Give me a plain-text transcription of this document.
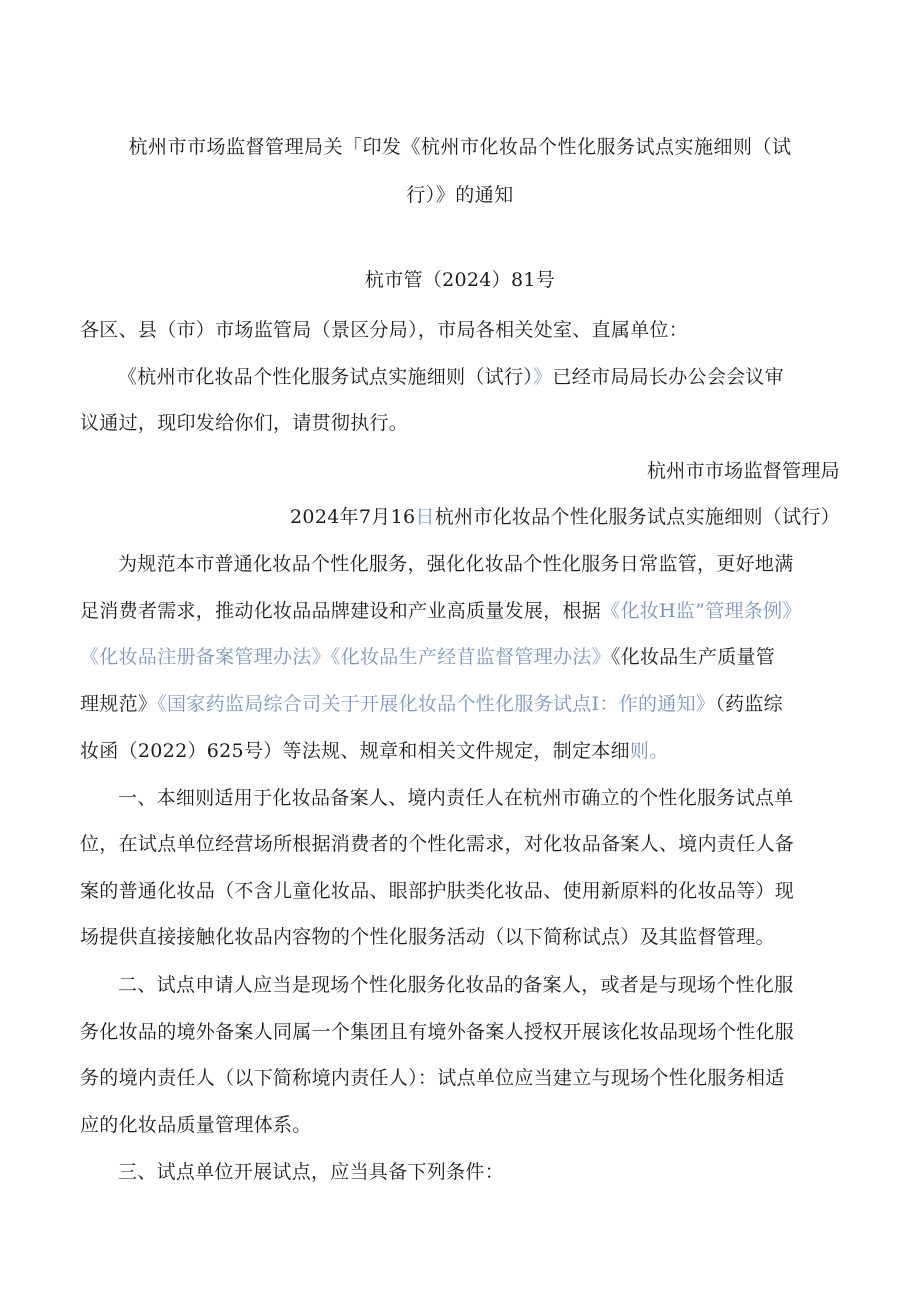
杭州市市场监督管理局关「印发《杭州市化妆品个性化服务试点实施细则（试
行）》的通知
杭市管（2024）81号
各区、县（市）市场监管局（景区分局），市局各相关处室、直属单位：
《杭州市化妆品个性化服务试点实施细则（试行）》已经市局局长办公会会议审
议通过，现印发给你们，请贯彻执行。
杭州市市场监督管理局
2024年7月16日杭州市化妆品个性化服务试点实施细则（试行）
为规范本市普通化妆品个性化服务，强化化妆品个性化服务日常监管，更好地满
足消费者需求，推动化妆品品牌建设和产业高质量发展，根据《化妆H监”管理条例》
《化妆品注册备案管理办法》《化妆品生产经苜监督管理办法》《化妆品生产质量管
理规范》《国家药监局综合司关于开展化妆品个性化服务试点I：作的通知》（药监综
妆函（2022）625号）等法规、规章和相关文件规定，制定本细则。
一、本细则适用于化妆品备案人、境内责任人在杭州市确立的个性化服务试点单
位，在试点单位经营场所根据消费者的个性化需求，对化妆品备案人、境内责任人备
案的普通化妆品（不含儿童化妆品、眼部护肤类化妆品、使用新原料的化妆品等）现
场提供直接接触化妆品内容物的个性化服务活动（以下简称试点）及其监督管理。
二、试点申请人应当是现场个性化服务化妆品的备案人，或者是与现场个性化服
务化妆品的境外备案人同属一个集团且有境外备案人授权开展该化妆品现场个性化服
务的境内责任人（以下简称境内责任人）：试点单位应当建立与现场个性化服务相适
应的化妆品质量管理体系。
三、试点单位开展试点，应当具备下列条件：
